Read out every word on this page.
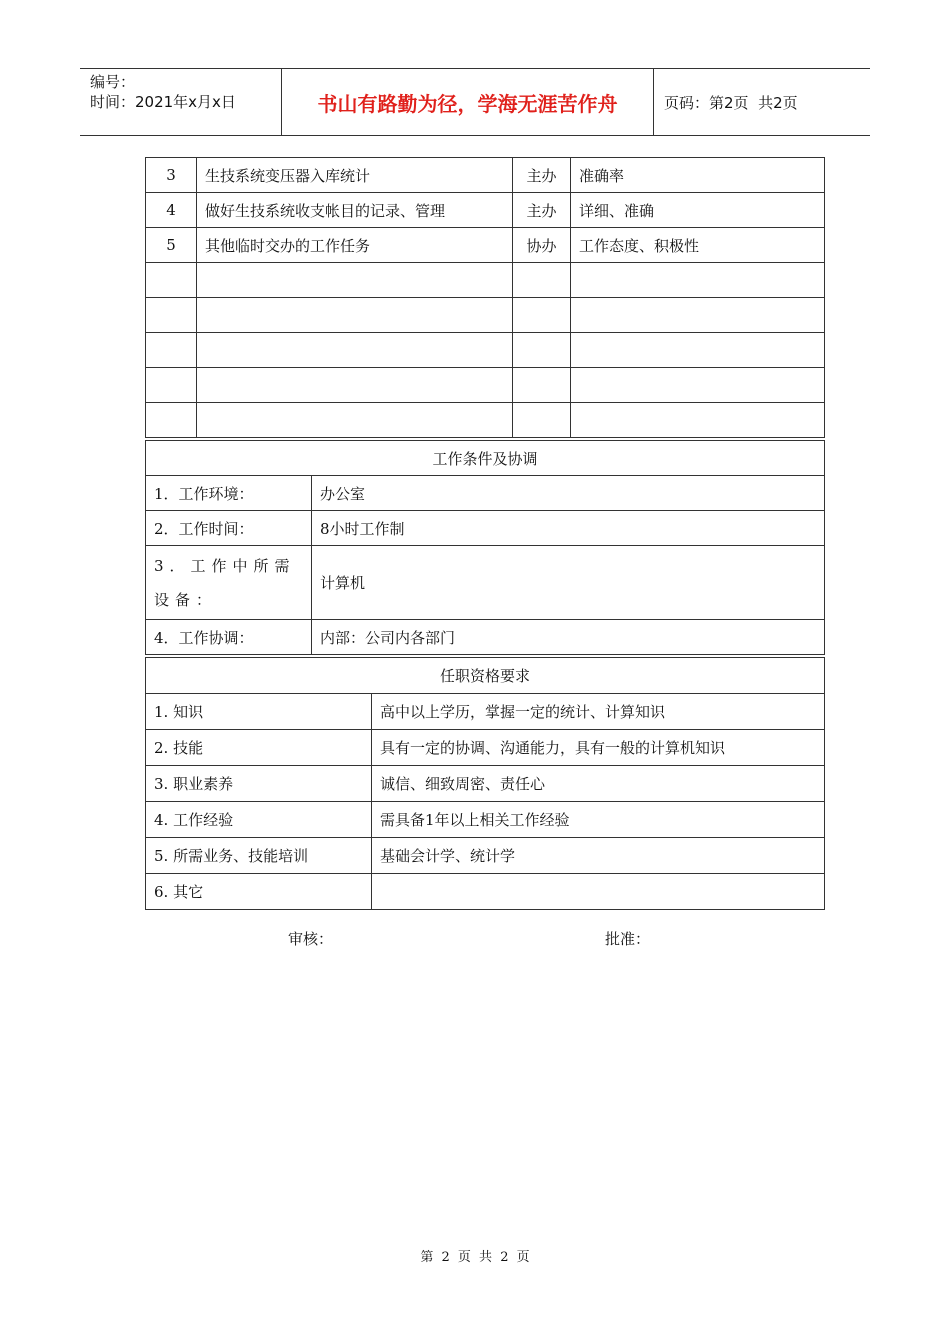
编号：
时间：2021年x月x日	书山有路勤为径，学海无涯苦作舟	页码：第2页  共2页
3	生技系统变压器入库统计	主办	准确率
4	做好生技系统收支帐目的记录、管理	主办	详细、准确
5	其他临时交办的工作任务	协办	工作态度、积极性

工作条件及协调	
1．工作环境：	办公室
2．工作时间：	8小时工作制
3．工作中所需设备：	计算机
4．工作协调：	内部：公司内各部门
任职资格要求	
1. 知识	高中以上学历，掌握一定的统计、计算知识
2. 技能	具有一定的协调、沟通能力，具有一般的计算机知识
3. 职业素养	诚信、细致周密、责任心
4. 工作经验	需具备1年以上相关工作经验
5. 所需业务、技能培训	基础会计学、统计学
6. 其它	
审核：	批准：
第 2 页 共 2 页
